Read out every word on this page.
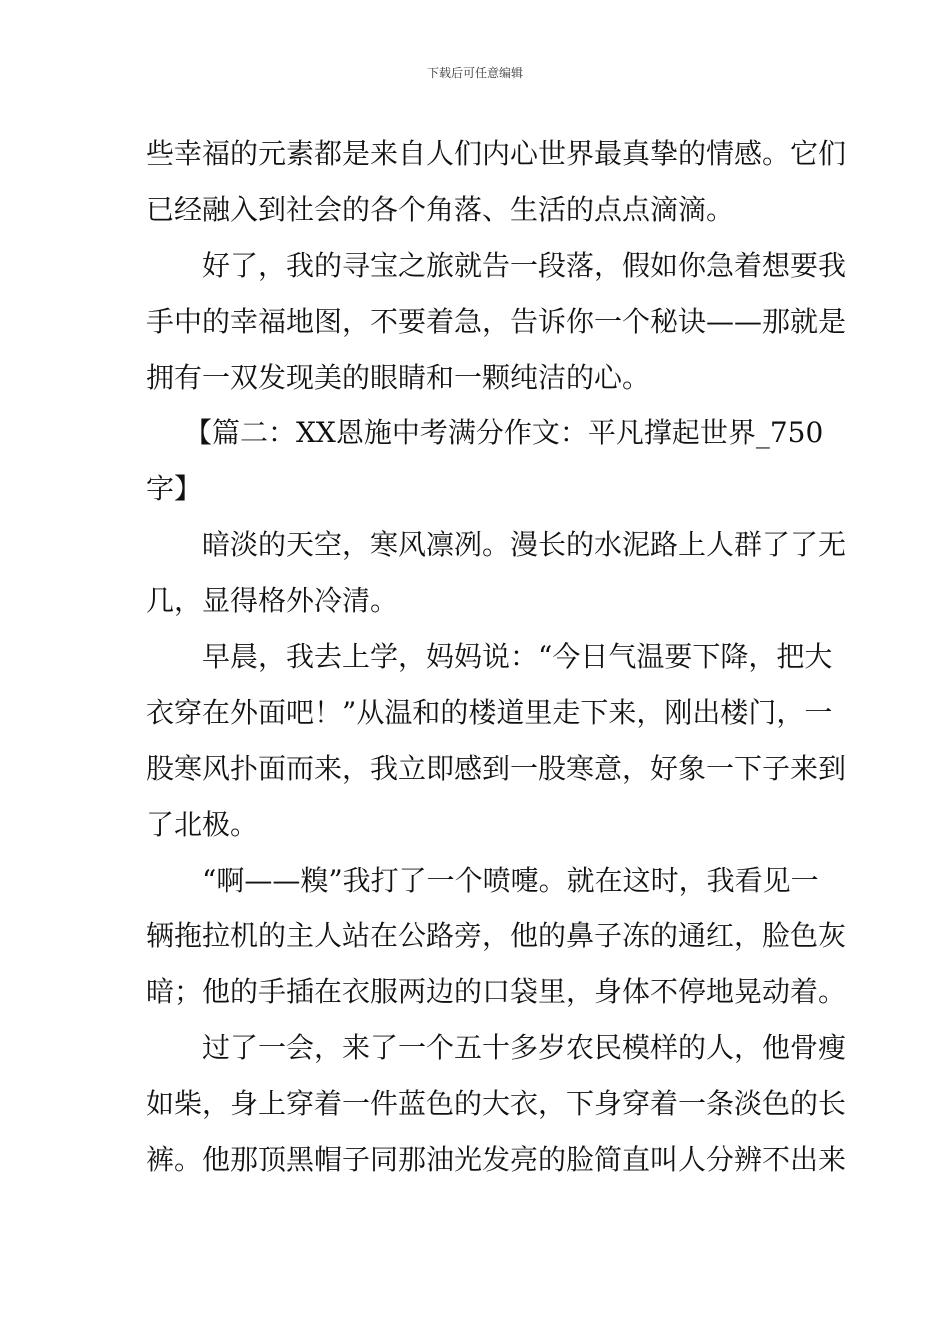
下载后可任意编辑
些幸福的元素都是来自人们内心世界最真挚的情感。它们
已经融入到社会的各个角落、生活的点点滴滴。
好了，我的寻宝之旅就告一段落，假如你急着想要我
手中的幸福地图，不要着急，告诉你一个秘诀——那就是
拥有一双发现美的眼睛和一颗纯洁的心。
【篇二：XX恩施中考满分作文：平凡撑起世界_750
字】
暗淡的天空，寒风凛冽。漫长的水泥路上人群了了无
几，显得格外冷清。
早晨，我去上学，妈妈说：“今日气温要下降，把大
衣穿在外面吧！”从温和的楼道里走下来，刚出楼门，一
股寒风扑面而来，我立即感到一股寒意，好象一下子来到
了北极。
“啊——糗”我打了一个喷嚏。就在这时，我看见一
辆拖拉机的主人站在公路旁，他的鼻子冻的通红，脸色灰
暗；他的手插在衣服两边的口袋里，身体不停地晃动着。
过了一会，来了一个五十多岁农民模样的人，他骨瘦
如柴，身上穿着一件蓝色的大衣，下身穿着一条淡色的长
裤。他那顶黑帽子同那油光发亮的脸简直叫人分辨不出来
